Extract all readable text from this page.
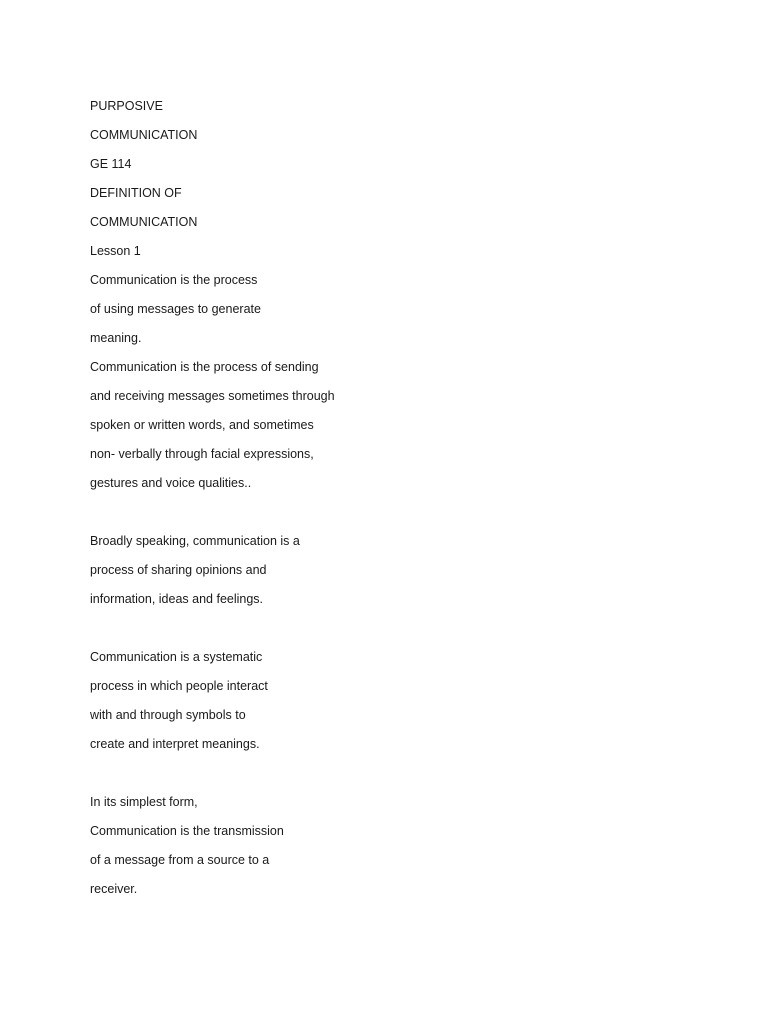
PURPOSIVE
COMMUNICATION
GE 114
DEFINITION OF
COMMUNICATION
Lesson 1
Communication is the process
of using messages to generate
meaning.
Communication is the process of sending
and receiving messages sometimes through
spoken or written words, and sometimes
non- verbally through facial expressions,
gestures and voice qualities..
Broadly speaking, communication is a
process of sharing opinions and
information, ideas and feelings.
Communication is a systematic
process in which people interact
with and through symbols to
create and interpret meanings.
In its simplest form,
Communication is the transmission
of a message from a source to a
receiver.
